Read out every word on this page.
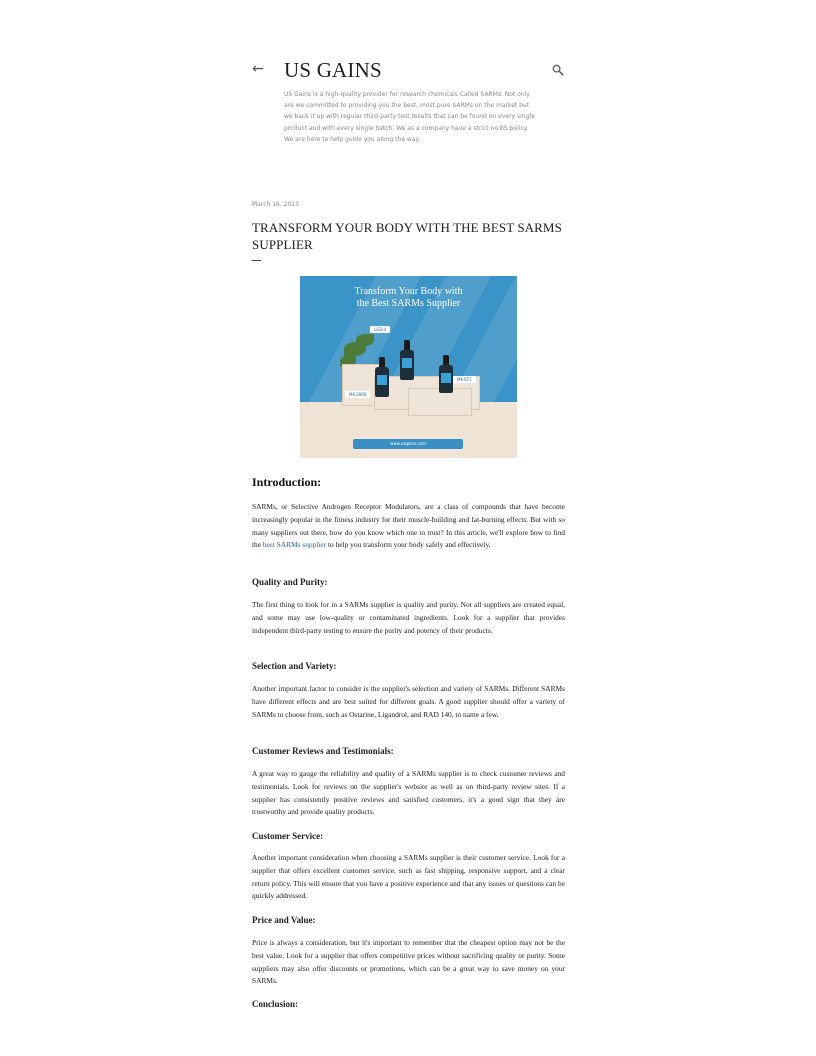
← US GAINS
US Gains is a high-quality provider for research chemicals Called SARMs. Not only are we committed to providing you the best, most pure SARMs on the market but we back it up with regular third-party test results that can be found on every single product and with every single batch. We as a company have a strict no BS policy. We are here to help guide you along the way.
March 16, 2023
TRANSFORM YOUR BODY WITH THE BEST SARMS SUPPLIER
Transform Your Body with
the Best SARMs Supplier
LGD-4
MK-677
MK-2866
www.usgains.com
Introduction:

SARMs, or Selective Androgen Receptor Modulators, are a class of compounds that have become increasingly popular in the fitness industry for their muscle-building and fat-burning effects. But with so many suppliers out there, how do you know which one to trust? In this article, we'll explore how to find the best SARMs supplier to help you transform your body safely and effectively.

Quality and Purity:

The first thing to look for in a SARMs supplier is quality and purity. Not all suppliers are created equal, and some may use low-quality or contaminated ingredients. Look for a supplier that provides independent third-party testing to ensure the purity and potency of their products.

Selection and Variety:

Another important factor to consider is the supplier's selection and variety of SARMs. Different SARMs have different effects and are best suited for different goals. A good supplier should offer a variety of SARMs to choose from, such as Ostarine, Ligandrol, and RAD 140, to name a few.

Customer Reviews and Testimonials:

A great way to gauge the reliability and quality of a SARMs supplier is to check customer reviews and testimonials. Look for reviews on the supplier's website as well as on third-party review sites. If a supplier has consistently positive reviews and satisfied customers, it's a good sign that they are trustworthy and provide quality products.

Customer Service:

Another important consideration when choosing a SARMs supplier is their customer service. Look for a supplier that offers excellent customer service, such as fast shipping, responsive support, and a clear return policy. This will ensure that you have a positive experience and that any issues or questions can be quickly addressed.

Price and Value:

Price is always a consideration, but it's important to remember that the cheapest option may not be the best value. Look for a supplier that offers competitive prices without sacrificing quality or purity. Some suppliers may also offer discounts or promotions, which can be a great way to save money on your SARMs.

Conclusion:
